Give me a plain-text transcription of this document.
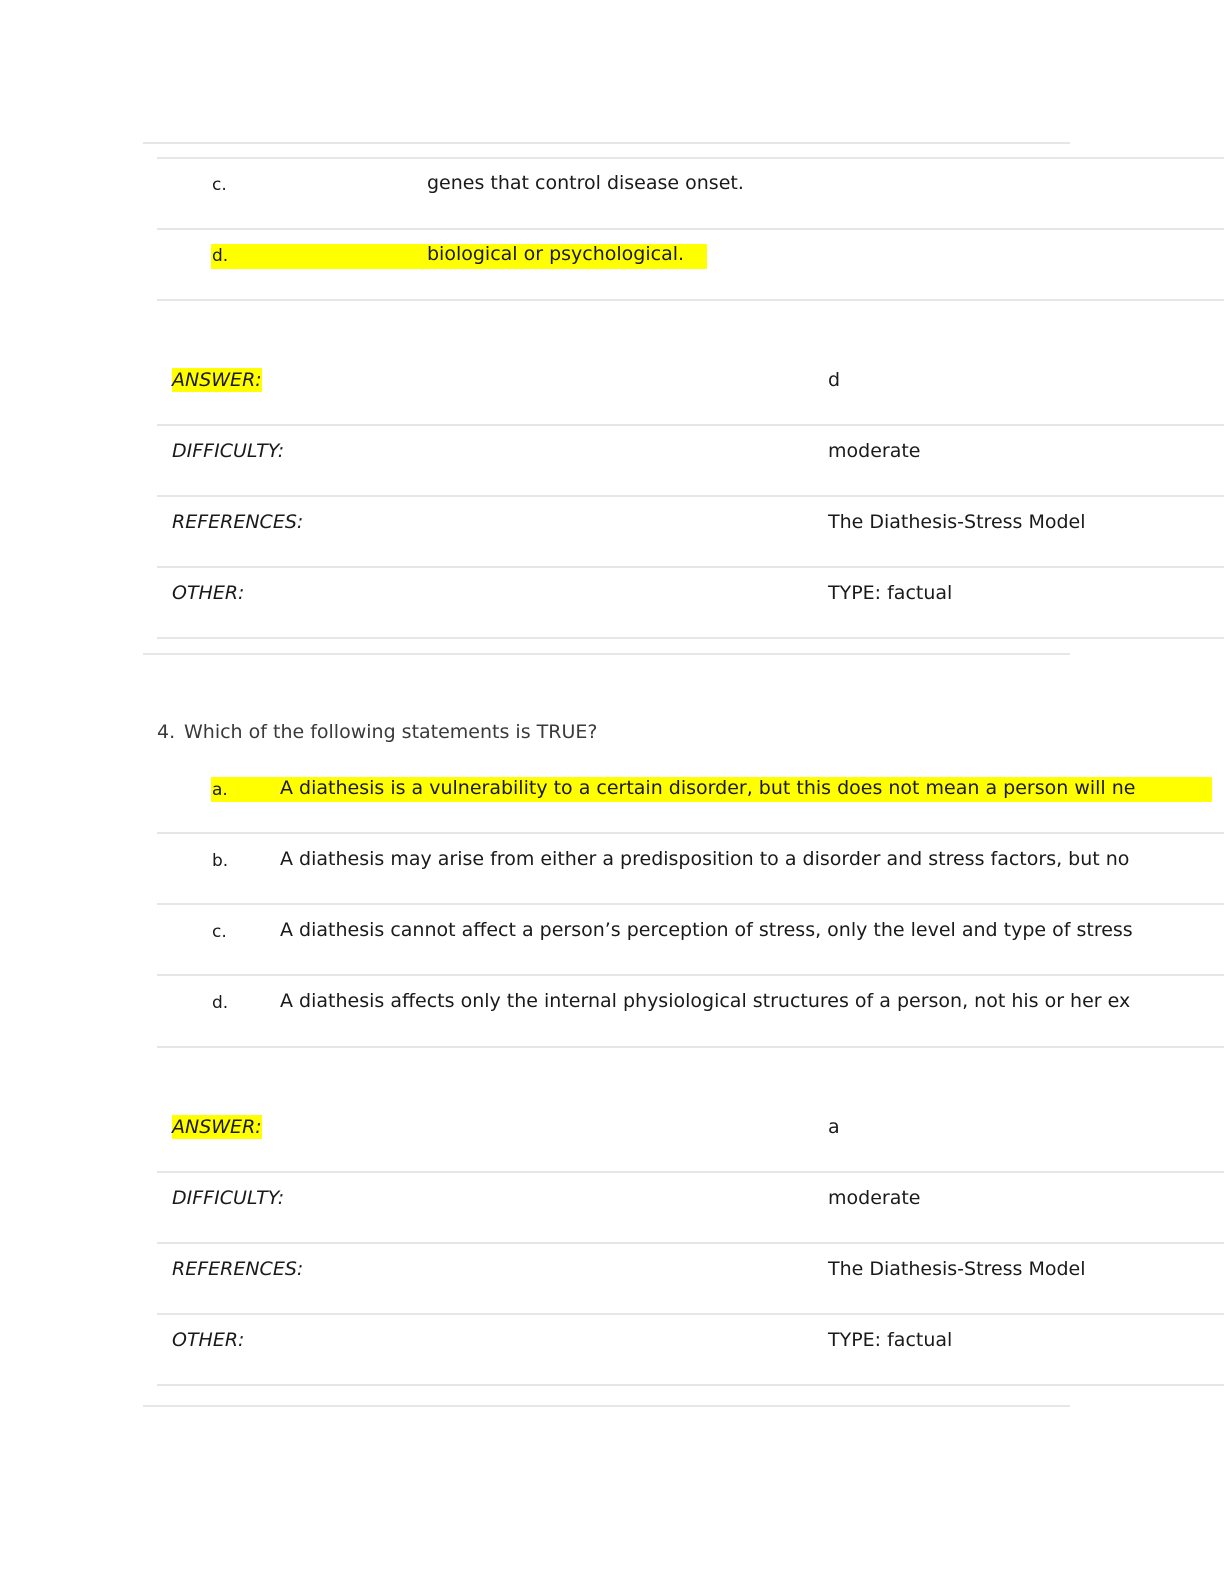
c.	genes that control disease onset.
d.	biological or psychological.
ANSWER:	d
DIFFICULTY:	moderate
REFERENCES:	The Diathesis-Stress Model
OTHER:	TYPE: factual
4. Which of the following statements is TRUE?
a.	A diathesis is a vulnerability to a certain disorder, but this does not mean a person will ne
b.	A diathesis may arise from either a predisposition to a disorder and stress factors, but no
c.	A diathesis cannot affect a person’s perception of stress, only the level and type of stress
d.	A diathesis affects only the internal physiological structures of a person, not his or her ex
ANSWER:	a
DIFFICULTY:	moderate
REFERENCES:	The Diathesis-Stress Model
OTHER:	TYPE: factual
